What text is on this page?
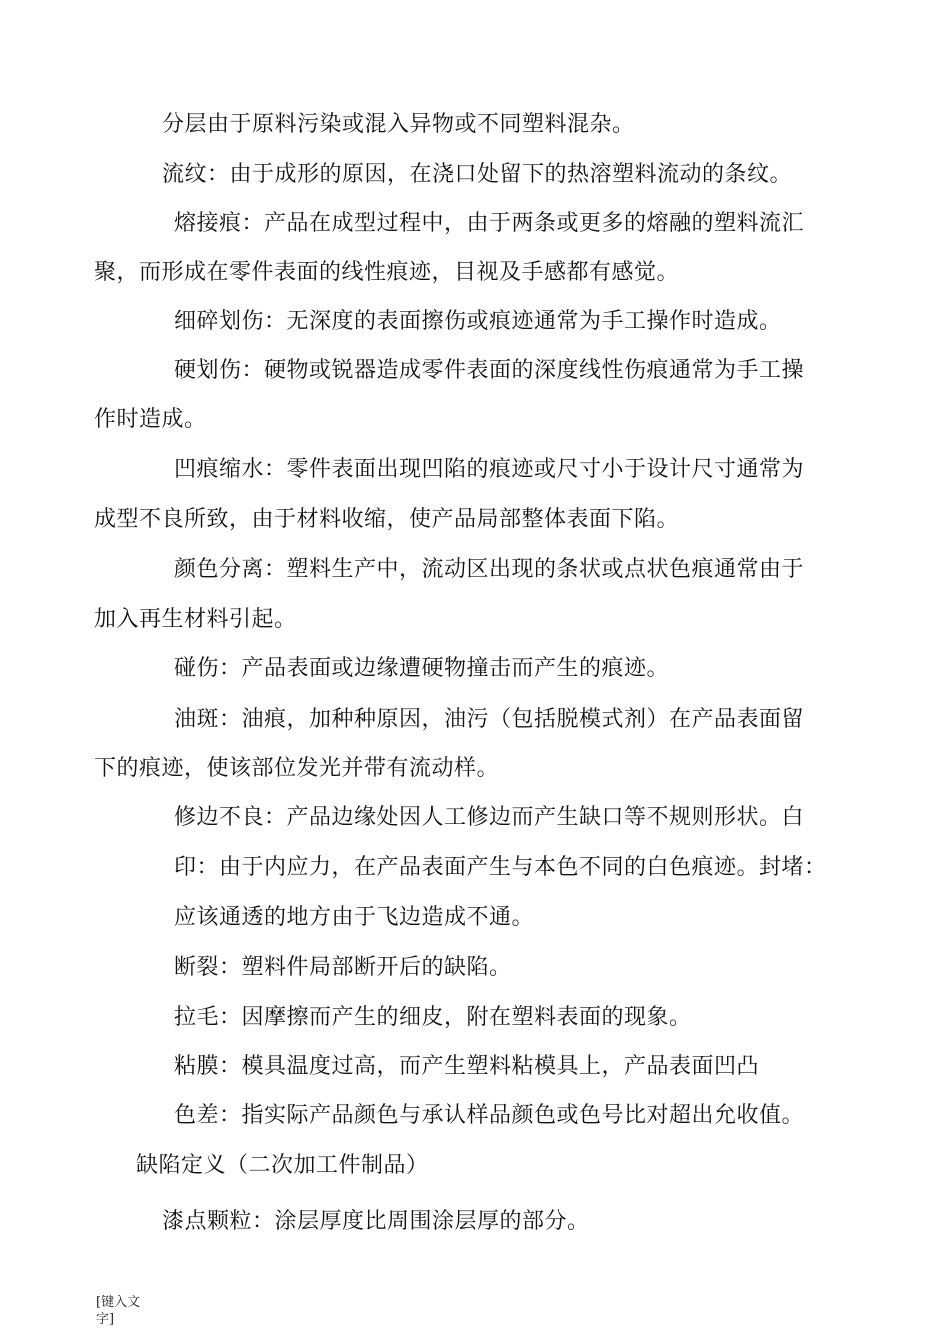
分层由于原料污染或混入异物或不同塑料混杂。
流纹：由于成形的原因，在浇口处留下的热溶塑料流动的条纹。
熔接痕：产品在成型过程中，由于两条或更多的熔融的塑料流汇
聚，而形成在零件表面的线性痕迹，目视及手感都有感觉。
细碎划伤：无深度的表面擦伤或痕迹通常为手工操作时造成。
硬划伤：硬物或锐器造成零件表面的深度线性伤痕通常为手工操
作时造成。
凹痕缩水：零件表面出现凹陷的痕迹或尺寸小于设计尺寸通常为
成型不良所致，由于材料收缩，使产品局部整体表面下陷。
颜色分离：塑料生产中，流动区出现的条状或点状色痕通常由于
加入再生材料引起。
碰伤：产品表面或边缘遭硬物撞击而产生的痕迹。
油斑：油痕，加种种原因，油污（包括脱模式剂）在产品表面留
下的痕迹，使该部位发光并带有流动样。
修边不良：产品边缘处因人工修边而产生缺口等不规则形状。白
印：由于内应力，在产品表面产生与本色不同的白色痕迹。封堵：
应该通透的地方由于飞边造成不通。
断裂：塑料件局部断开后的缺陷。
拉毛：因摩擦而产生的细皮，附在塑料表面的现象。
粘膜：模具温度过高，而产生塑料粘模具上，产品表面凹凸
色差：指实际产品颜色与承认样品颜色或色号比对超出允收值。
缺陷定义（二次加工件制品）
漆点颗粒：涂层厚度比周围涂层厚的部分。
[键入文字]
